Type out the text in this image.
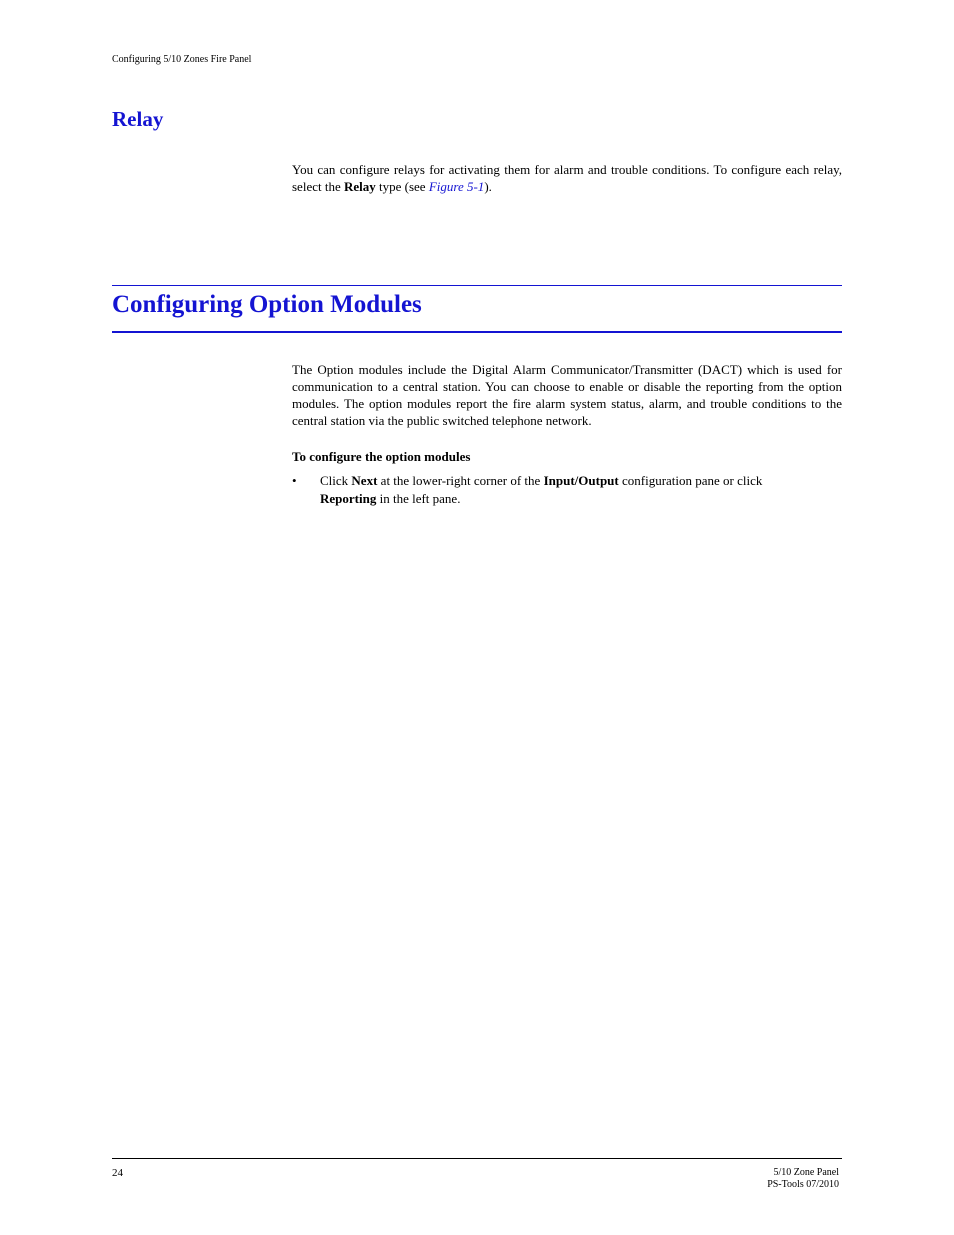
Configuring 5/10 Zones Fire Panel
Relay

You can configure relays for activating them for alarm and trouble conditions. To configure each relay, select the Relay type (see Figure 5-1).

Configuring Option Modules

The Option modules include the Digital Alarm Communicator/Transmitter (DACT) which is used for communication to a central station. You can choose to enable or disable the reporting from the option modules. The option modules report the fire alarm system status, alarm, and trouble conditions to the central station via the public switched telephone network.

To configure the option modules

• Click Next at the lower-right corner of the Input/Output configuration pane or click
Reporting in the left pane.

24	5/10 Zone Panel
PS-Tools 07/2010
